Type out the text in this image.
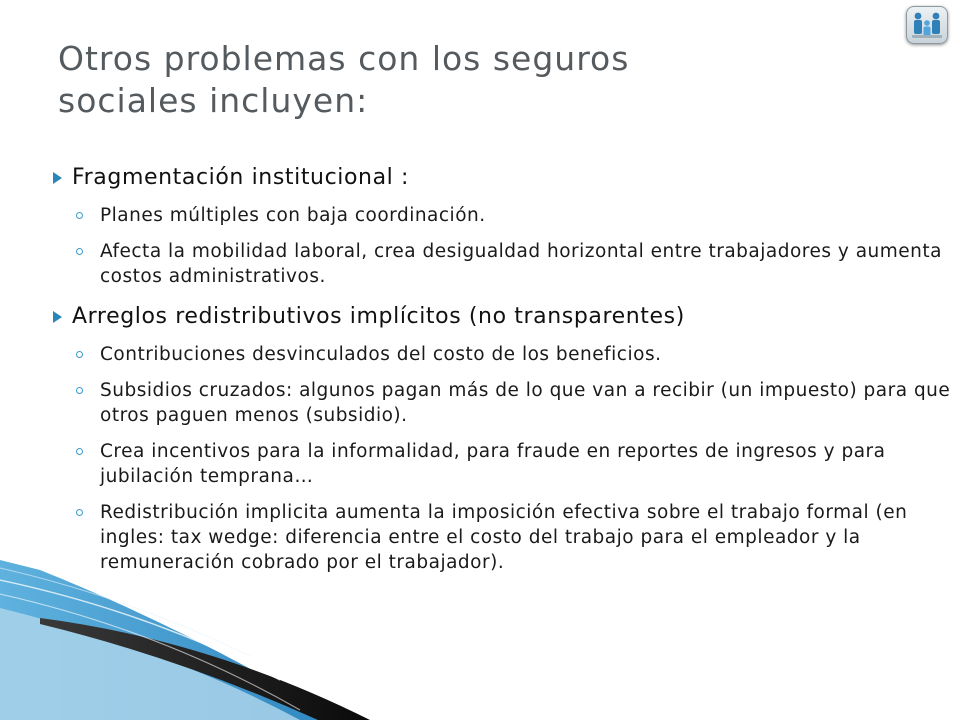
Otros problemas con los seguros
sociales incluyen:
Fragmentación institucional :
Planes múltiples con baja coordinación.
Afecta la mobilidad laboral, crea desigualdad horizontal entre trabajadores y aumenta costos administrativos.
Arreglos redistributivos implícitos (no transparentes)
Contribuciones desvinculados del costo de los beneficios.
Subsidios cruzados: algunos pagan más de lo que van a recibir (un impuesto) para que otros paguen menos (subsidio).
Crea incentivos para la informalidad, para fraude en reportes de ingresos y para jubilación temprana…
Redistribución implicita aumenta la imposición efectiva sobre el trabajo formal (en ingles: tax wedge: diferencia entre el costo del trabajo para el empleador y la remuneración cobrado por el trabajador).
